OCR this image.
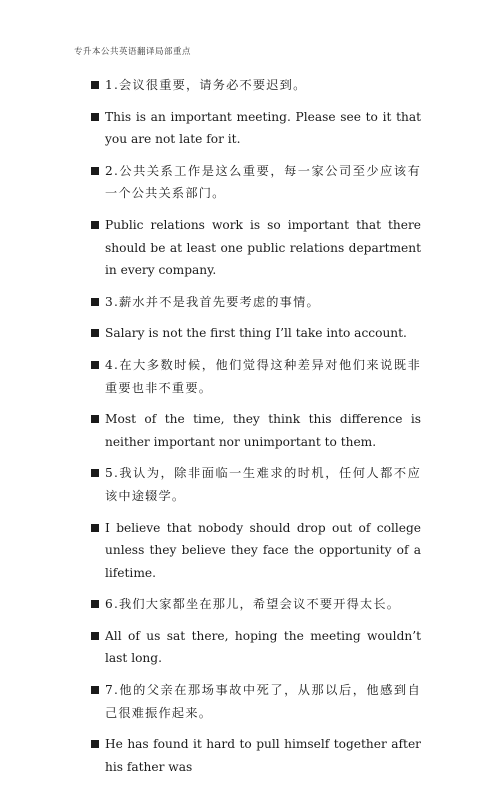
专升本公共英语翻译局部重点
1.会议很重要，请务必不要迟到。
This is an important meeting. Please see to it that you are not late for it.
2.公共关系工作是这么重要，每一家公司至少应该有一个公共关系部门。
Public relations work is so important that there should be at least one public relations department in every company.
3.薪水并不是我首先要考虑的事情。
Salary is not the first thing I’ll take into account.
4.在大多数时候，他们觉得这种差异对他们来说既非重要也非不重要。
Most of the time, they think this difference is neither important nor unimportant to them.
5.我认为，除非面临一生难求的时机，任何人都不应该中途辍学。
I believe that nobody should drop out of college unless they believe they face the opportunity of a lifetime.
6.我们大家都坐在那儿，希望会议不要开得太长。
All of us sat there, hoping the meeting wouldn’t last long.
7.他的父亲在那场事故中死了，从那以后，他感到自己很难振作起来。
He has found it hard to pull himself together after his father was
